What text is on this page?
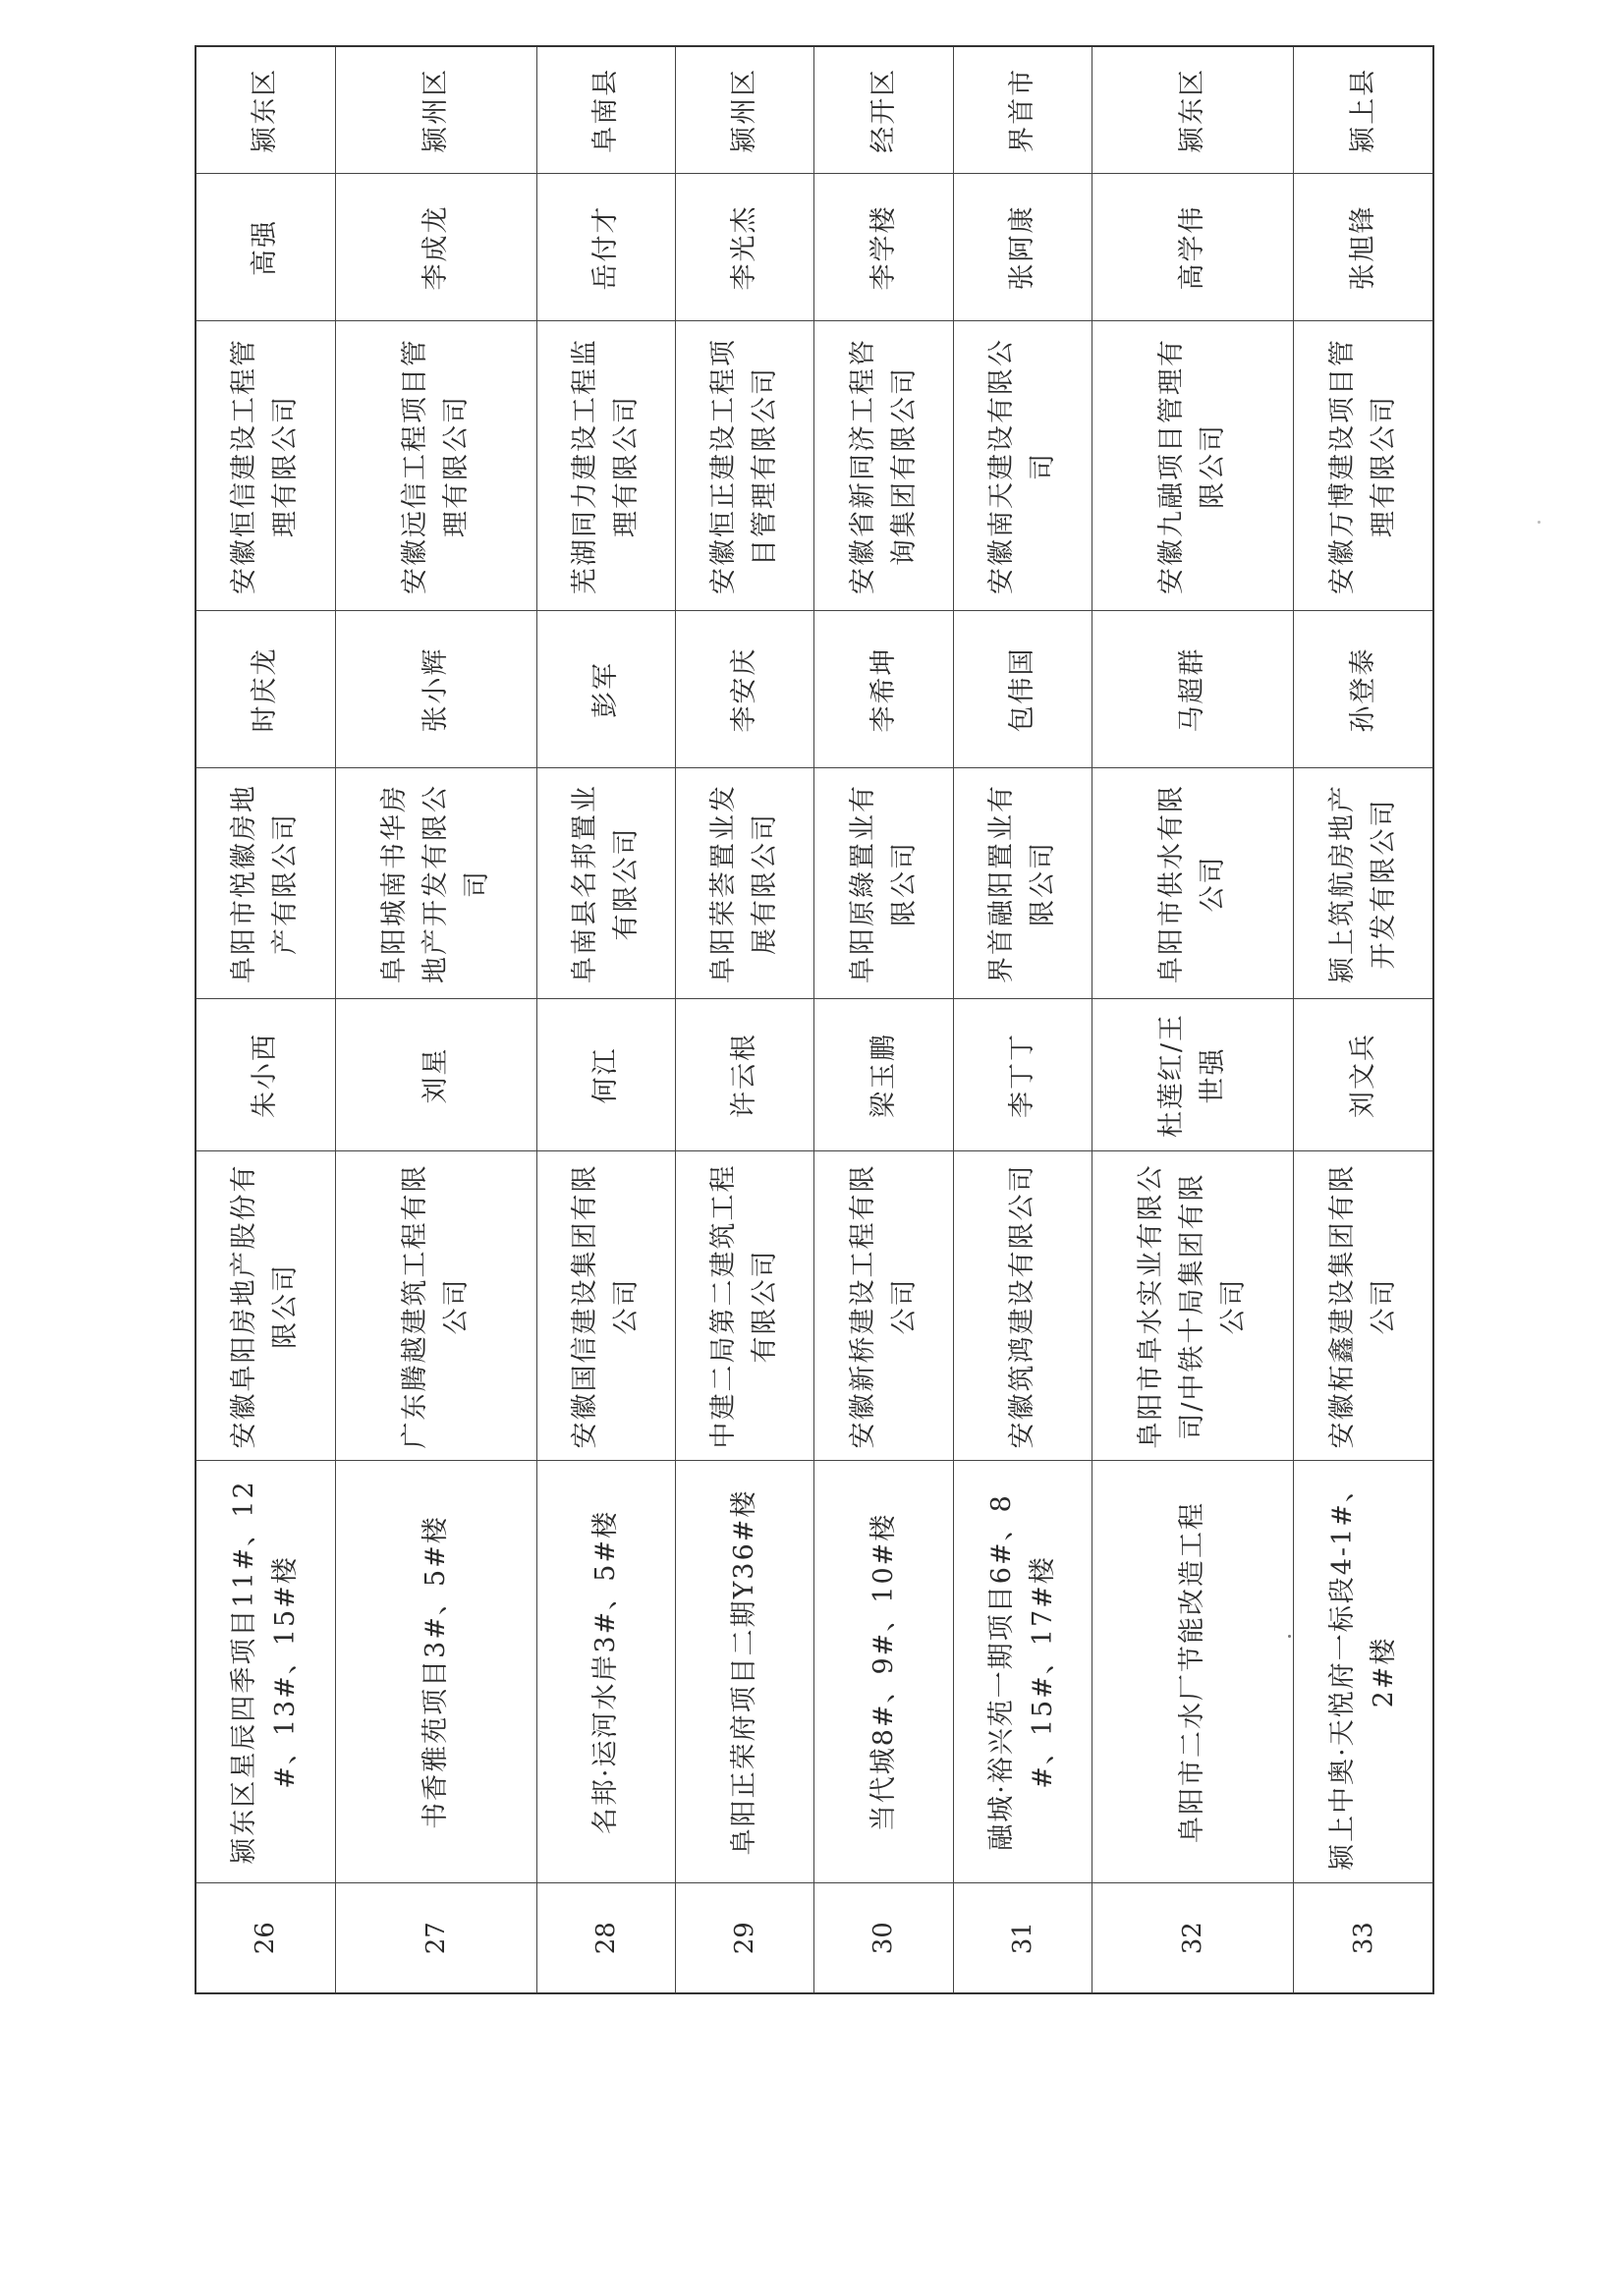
26	颍东区星辰四季项目11#、12#、13#、15#楼	安徽阜阳房地产股份有限公司	朱小西	阜阳市悦徽房地产有限公司	时庆龙	安徽恒信建设工程管理有限公司	高强	颍东区
27	书香雅苑项目3#、5#楼	广东腾越建筑工程有限公司	刘星	阜阳城南书华房地产开发有限公司	张小辉	安徽远信工程项目管理有限公司	李成龙	颍州区
28	名邦·运河水岸3#、5#楼	安徽国信建设集团有限公司	何江	阜南县名邦置业有限公司	彭军	芜湖同力建设工程监理有限公司	岳付才	阜南县
29	阜阳正荣府项目二期Y36#楼	中建二局第二建筑工程有限公司	许云根	阜阳荣荟置业发展有限公司	李安庆	安徽恒正建设工程项目管理有限公司	李光杰	颍州区
30	当代城8#、9#、10#楼	安徽新桥建设工程有限公司	梁玉鹏	阜阳原綠置业有限公司	李希坤	安徽省新同济工程咨询集团有限公司	李学楼	经开区
31	融城·裕兴苑一期项目6#、8#、15#、17#楼	安徽筑鸿建设有限公司	李丁丁	界首融阳置业有限公司	包伟国	安徽南天建设有限公司	张阿康	界首市
32	阜阳市二水厂节能改造工程	阜阳市阜水实业有限公司/中铁十局集团有限公司	杜莲红/王世强	阜阳市供水有限公司	马超群	安徽九融项目管理有限公司	高学伟	颍东区
33	颍上中奥·天悦府一标段4-1#、2#楼	安徽柘鑫建设集团有限公司	刘文兵	颍上筑航房地产开发有限公司	孙登泰	安徽万博建设项目管理有限公司	张旭锋	颍上县
